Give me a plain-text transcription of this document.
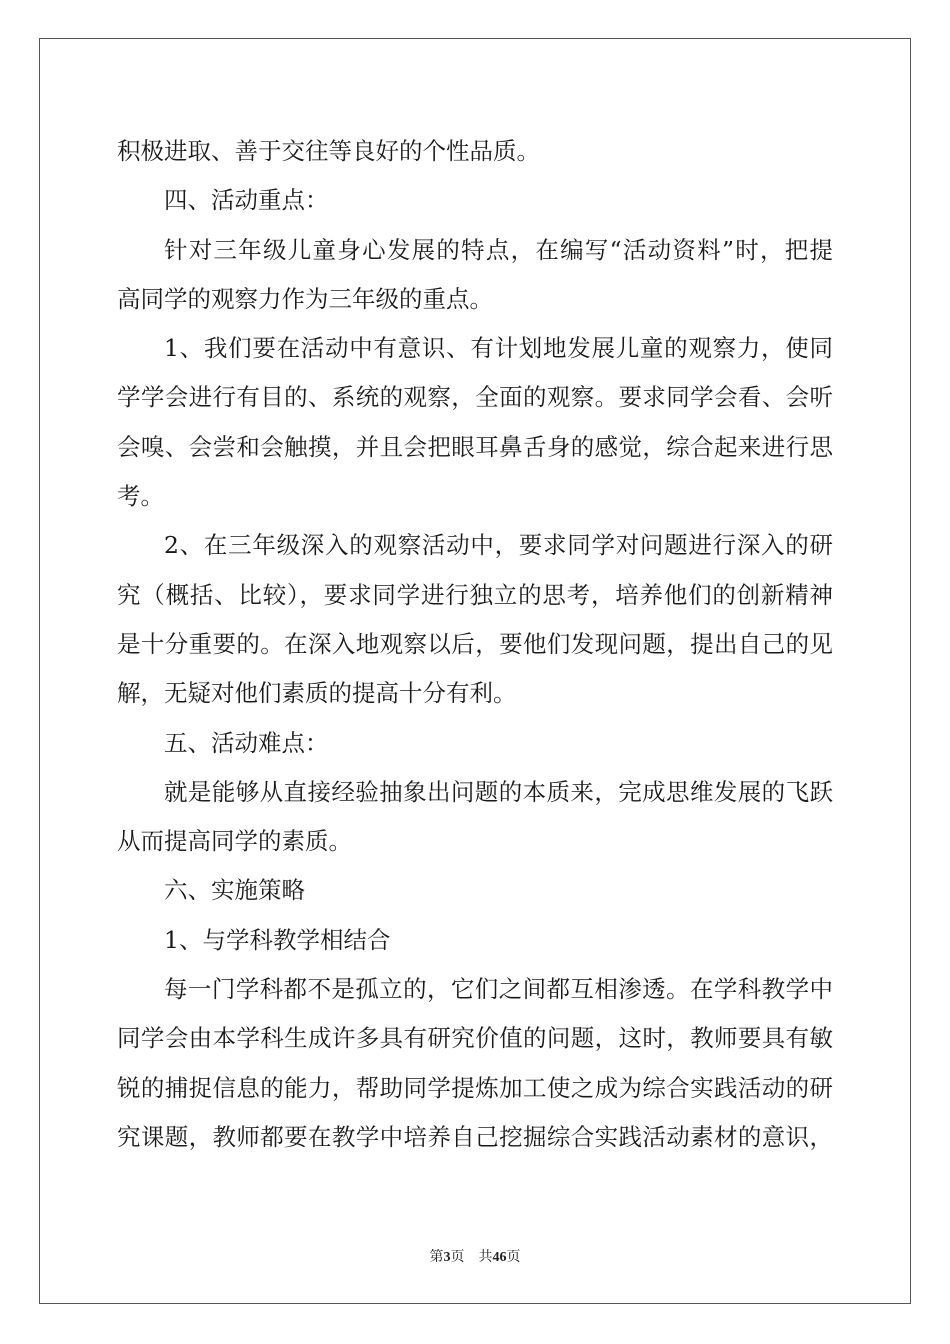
积极进取、善于交往等良好的个性品质。
四、活动重点：
针对三年级儿童身心发展的特点，在编写“活动资料”时，把提
高同学的观察力作为三年级的重点。
1、我们要在活动中有意识、有计划地发展儿童的观察力，使同
学学会进行有目的、系统的观察，全面的观察。要求同学会看、会听
会嗅、会尝和会触摸，并且会把眼耳鼻舌身的感觉，综合起来进行思
考。
2、在三年级深入的观察活动中，要求同学对问题进行深入的研
究（概括、比较），要求同学进行独立的思考，培养他们的创新精神
是十分重要的。在深入地观察以后，要他们发现问题，提出自己的见
解，无疑对他们素质的提高十分有利。
五、活动难点：
就是能够从直接经验抽象出问题的本质来，完成思维发展的飞跃
从而提高同学的素质。
六、实施策略
1、与学科教学相结合
每一门学科都不是孤立的，它们之间都互相渗透。在学科教学中
同学会由本学科生成许多具有研究价值的问题，这时，教师要具有敏
锐的捕捉信息的能力，帮助同学提炼加工使之成为综合实践活动的研
究课题，教师都要在教学中培养自己挖掘综合实践活动素材的意识，
第3页 共46页
